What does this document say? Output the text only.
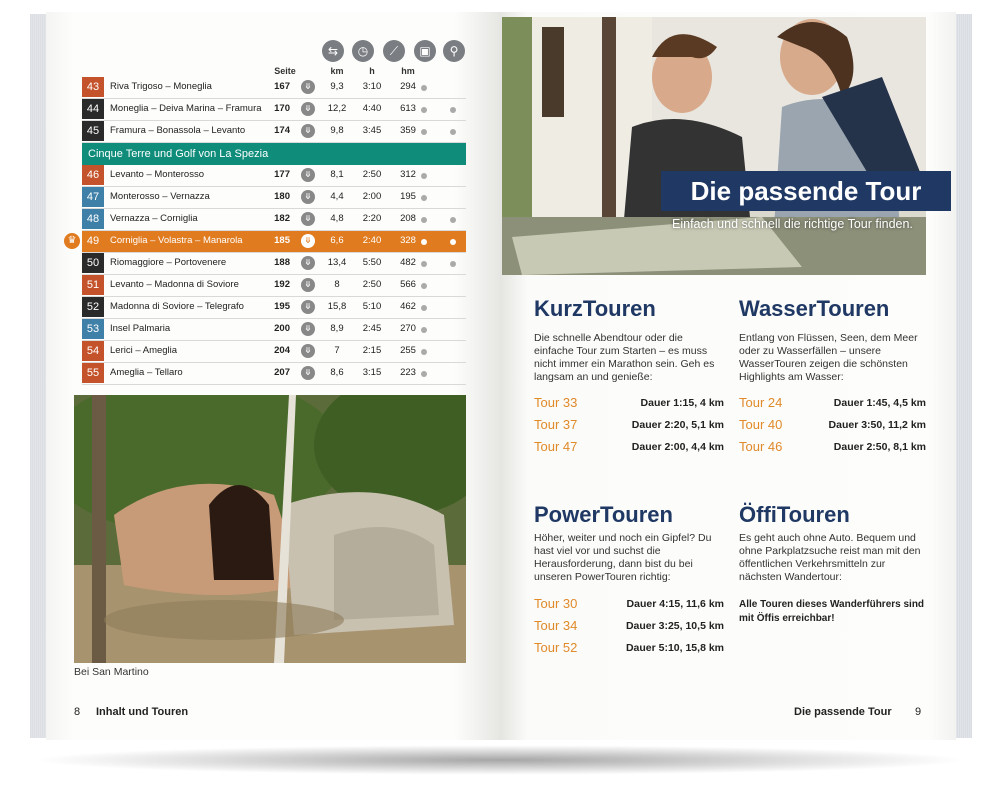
⇆	◷	⟋	▣	⚲
Seite	km	h	hm
43	Riva Trigoso – Moneglia	167	⤋	9,3	3:10	294
44	Moneglia – Deiva Marina – Framura	170	⤋	12,2	4:40	613
45	Framura – Bonassola – Levanto	174	⤋	9,8	3:45	359
Cinque Terre und Golf von La Spezia
46	Levanto – Monterosso	177	⤋	8,1	2:50	312
47	Monterosso – Vernazza	180	⤋	4,4	2:00	195
48	Vernazza – Corniglia	182	⤋	4,8	2:20	208
♛ 49	Corniglia – Volastra – Manarola	185	⤋	6,6	2:40	328
50	Riomaggiore – Portovenere	188	⤋	13,4	5:50	482
51	Levanto – Madonna di Soviore	192	⤋	8	2:50	566
52	Madonna di Soviore – Telegrafo	195	⤋	15,8	5:10	462
53	Insel Palmaria	200	⤋	8,9	2:45	270
54	Lerici – Ameglia	204	⤋	7	2:15	255
55	Ameglia – Tellaro	207	⤋	8,6	3:15	223
Bei San Martino
8 Inhalt und Touren
Die passende Tour
Einfach und schnell die richtige Tour finden.
KurzTouren
Die schnelle Abendtour oder die einfache Tour zum Starten – es muss nicht immer ein Marathon sein. Geh es langsam an und genieße:
Tour 33	Dauer 1:15, 4 km
Tour 37	Dauer 2:20, 5,1 km
Tour 47	Dauer 2:00, 4,4 km
WasserTouren
Entlang von Flüssen, Seen, dem Meer oder zu Wasserfällen – unsere WasserTouren zeigen die schönsten Highlights am Wasser:
Tour 24	Dauer 1:45, 4,5 km
Tour 40	Dauer 3:50, 11,2 km
Tour 46	Dauer 2:50, 8,1 km
PowerTouren
Höher, weiter und noch ein Gipfel? Du hast viel vor und suchst die Herausforderung, dann bist du bei unseren PowerTouren richtig:
Tour 30	Dauer 4:15, 11,6 km
Tour 34	Dauer 3:25, 10,5 km
Tour 52	Dauer 5:10, 15,8 km
ÖffiTouren
Es geht auch ohne Auto. Bequem und ohne Parkplatzsuche reist man mit den öffentlichen Verkehrsmitteln zur nächsten Wandertour:
Alle Touren dieses Wanderführers sind mit Öffis erreichbar!
Die passende Tour 9
